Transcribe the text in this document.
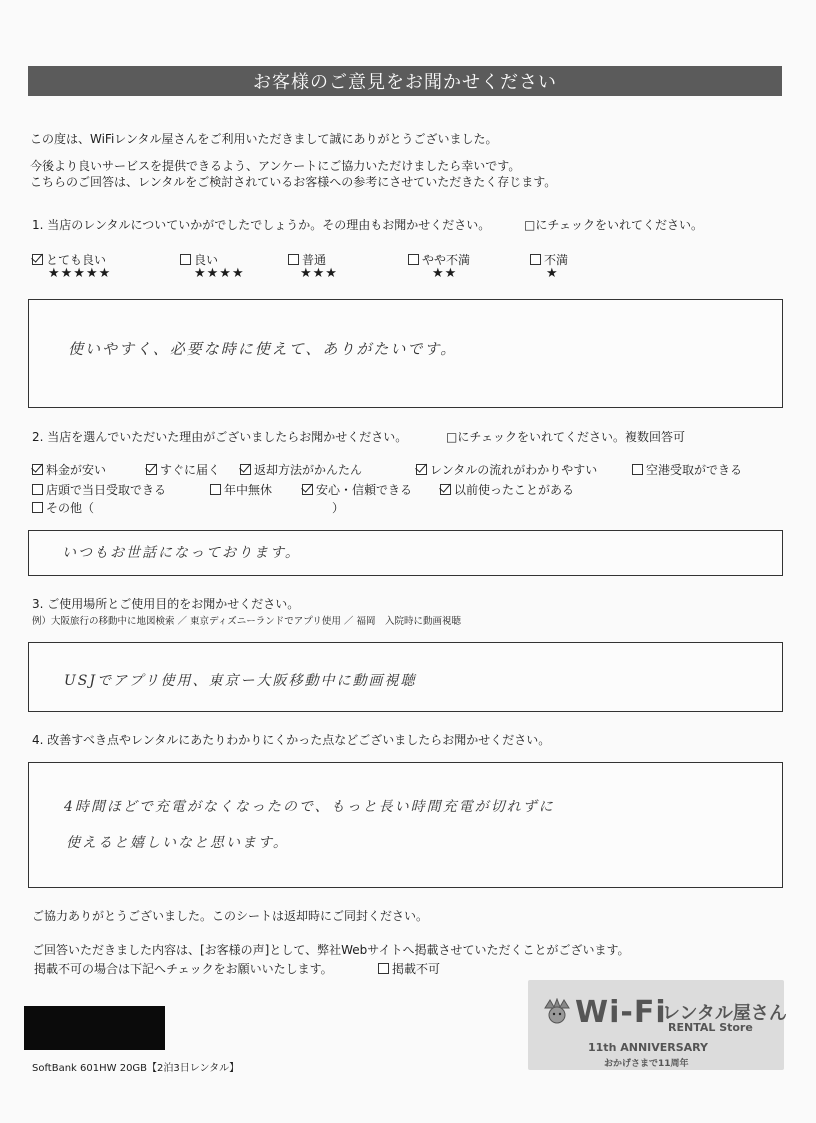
お客様のご意見をお聞かせください
この度は、WiFiレンタル屋さんをご利用いただきまして誠にありがとうございました。
今後より良いサービスを提供できるよう、アンケートにご協力いただけましたら幸いです。
こちらのご回答は、レンタルをご検討されているお客様への参考にさせていただきたく存じます。
1. 当店のレンタルについていかがでしたでしょうか。その理由もお聞かせください。	□にチェックをいれてください。
とても良い
★★★★★
良い
★★★★
普通
★★★
やや不満
★★
不満
★
使いやすく、必要な時に使えて、ありがたいです。
2. 当店を選んでいただいた理由がございましたらお聞かせください。	□にチェックをいれてください。複数回答可
料金が安い	すぐに届く	返却方法がかんたん	レンタルの流れがわかりやすい	空港受取ができる
店頭で当日受取できる	年中無休	安心・信頼できる	以前使ったことがある
その他（	）
いつもお世話になっております。
3. ご使用場所とご使用目的をお聞かせください。
例）大阪旅行の移動中に地図検索 ／ 東京ディズニーランドでアプリ使用 ／ 福岡　入院時に動画視聴
USJでアプリ使用、東京ー大阪移動中に動画視聴
4. 改善すべき点やレンタルにあたりわかりにくかった点などございましたらお聞かせください。
4時間ほどで充電がなくなったので、もっと長い時間充電が切れずに
使えると嬉しいなと思います。
ご協力ありがとうございました。このシートは返却時にご同封ください。
ご回答いただきました内容は、[お客様の声]として、弊社Webサイトへ掲載させていただくことがございます。
掲載不可の場合は下記へチェックをお願いいたします。	掲載不可
SoftBank 601HW 20GB【2泊3日レンタル】
Wi-Fi
レンタル屋さん
RENTAL Store
11th ANNIVERSARY
おかげさまで11周年
